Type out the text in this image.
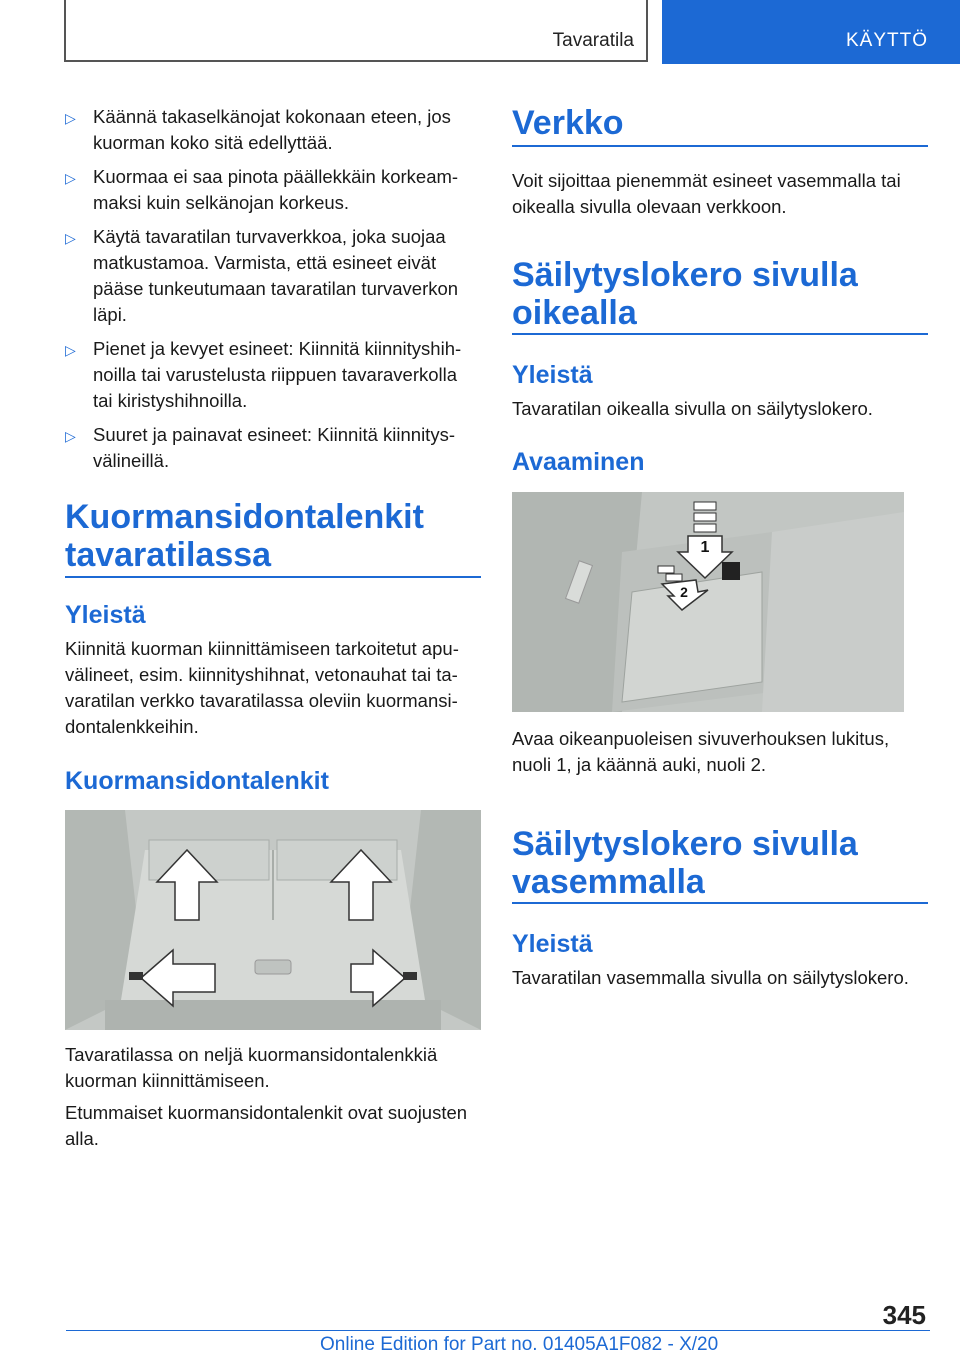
Tavaratila	KÄYTTÖ
▷ Käännä takaselkänojat kokonaan eteen, jos kuorman koko sitä edellyttää.
▷ Kuormaa ei saa pinota päällekkäin korkeammaksi kuin selkänojan korkeus.
▷ Käytä tavaratilan turvaverkkoa, joka suojaa matkustamoa. Varmista, että esineet eivät pääse tunkeutumaan tavaratilan turvaverkon läpi.
▷ Pienet ja kevyet esineet: Kiinnitä kiinnityshihnoilla tai varustelusta riippuen tavaraverkolla tai kiristyshihnoilla.
▷ Suuret ja painavat esineet: Kiinnitä kiinnitysvälineillä.
Kuormansidontalenkit
tavaratilassa
Yleistä

Kiinnitä kuorman kiinnittämiseen tarkoitetut apuvälineet, esim. kiinnityshihnat, vetonauhat tai tavaratilan verkko tavaratilassa oleviin kuormansidontalenkkeihin.

Kuormansidontalenkit

Tavaratilassa on neljä kuormansidontalenkkiä kuorman kiinnittämiseen.

Etummaiset kuormansidontalenkit ovat suojusten alla.

Verkko

Voit sijoittaa pienemmät esineet vasemmalla tai oikealla sivulla olevaan verkkoon.

Säilytyslokero sivulla
oikealla
Yleistä

Tavaratilan oikealla sivulla on säilytyslokero.

Avaaminen
1
2

Avaa oikeanpuoleisen sivuverhouksen lukitus, nuoli 1, ja käännä auki, nuoli 2.

Säilytyslokero sivulla
vasemmalla
Yleistä

Tavaratilan vasemmalla sivulla on säilytyslokero.

345
Online Edition for Part no. 01405A1F082 - X/20
